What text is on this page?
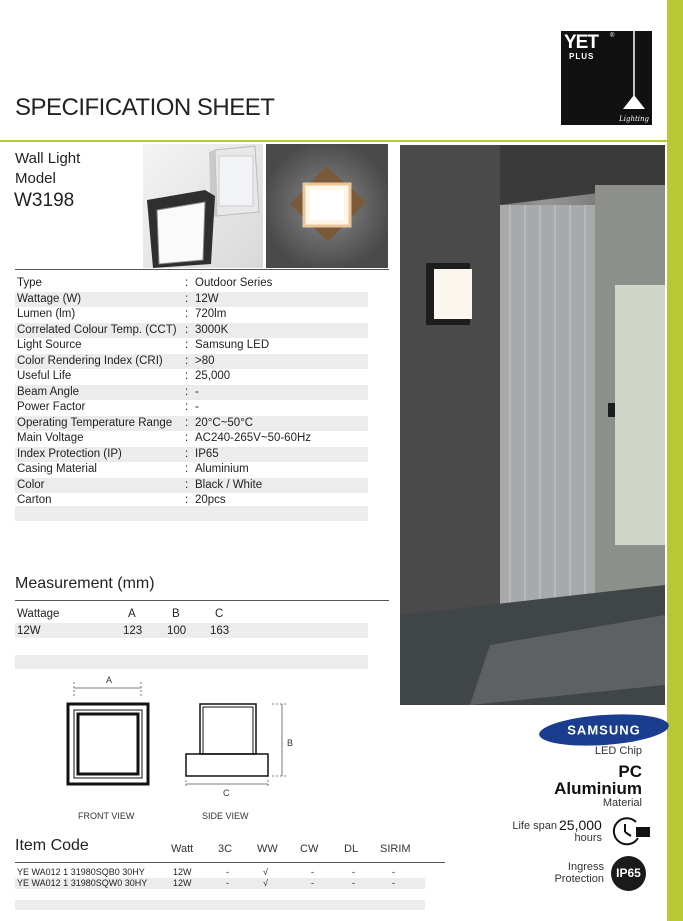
YET ®
PLUS
Lighting
SPECIFICATION SHEET
Wall Light
Model
W3198
Type	: Outdoor Series
Wattage (W)	: 12W
Lumen (lm)	: 720lm
Correlated Colour Temp. (CCT) : 3000K
Light Source	: Samsung LED
Color Rendering Index (CRI) : >80
Useful Life	: 25,000
Beam Angle	: -
Power Factor	: -
Operating Temperature Range : 20°C~50°C
Main Voltage	: AC240-265V~50-60Hz
Index Protection (IP)	: IP65
Casing Material	: Aluminium
Color	: Black / White
Carton	: 20pcs
Measurement (mm)
Wattage	A	B	C
12W	123 100 163
A
B
C
FRONT VIEW	SIDE VIEW
Item Code	Watt 3C WW CW DL SIRIM
YE WA012 1 31980SQB0 30HY	12W	-	√	-	-	-
YE WA012 1 31980SQW0 30HY	12W	-	√	-	-	-
SAMSUNG
LED Chip
PC
Aluminium
Material
Life span 25,000
hours
Ingress
Protection	IP65
